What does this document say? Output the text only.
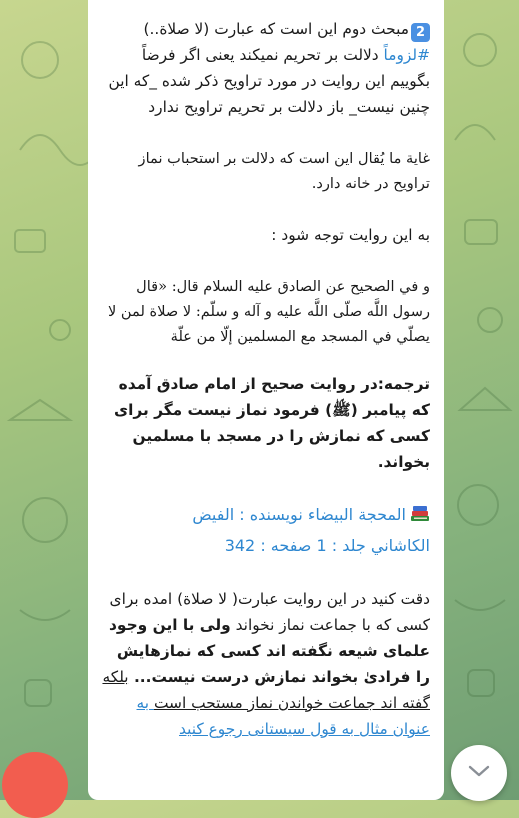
2مبحث دوم این است که عبارت (لا صلاة..) #لزوماً دلالت بر تحریم نمیکند یعنی اگر فرضاً بگوییم این روایت در مورد تراویح ذکر شده _که این چنین نیست_ باز دلالت بر تحریم تراویح ندارد

غاية ما يُقال این است که دلالت بر استحباب نماز تراویح در خانه دارد.

به این روایت توجه شود :

و في الصحيح عن الصادق عليه السلام قال: «قال رسول اللَّه صلّى اللَّه عليه و آله و سلّم: لا صلاة لمن لا يصلّي في المسجد مع المسلمين إلّا من علّة

ترجمه:در روایت صحیح از امام صادق آمده که پیامبر (ﷺ) فرمود نماز نیست مگر برای کسی که نمازش را در مسجد با مسلمین بخواند.

المحجة البيضاء نویسنده : الفيض
الكاشاني جلد : 1 صفحه : 342

دقت کنید در این روایت عبارت( لا صلاة) امده برای کسی که با جماعت نماز نخواند ولی با این وجود علمای شیعه نگفته اند کسی که نمازهایش را فرادیٰ بخواند نمازش درست نیست... بلکه گفته اند جماعت خواندن نماز مستحب است به عنوان مثال به قول سیستانی رجوع کنید
